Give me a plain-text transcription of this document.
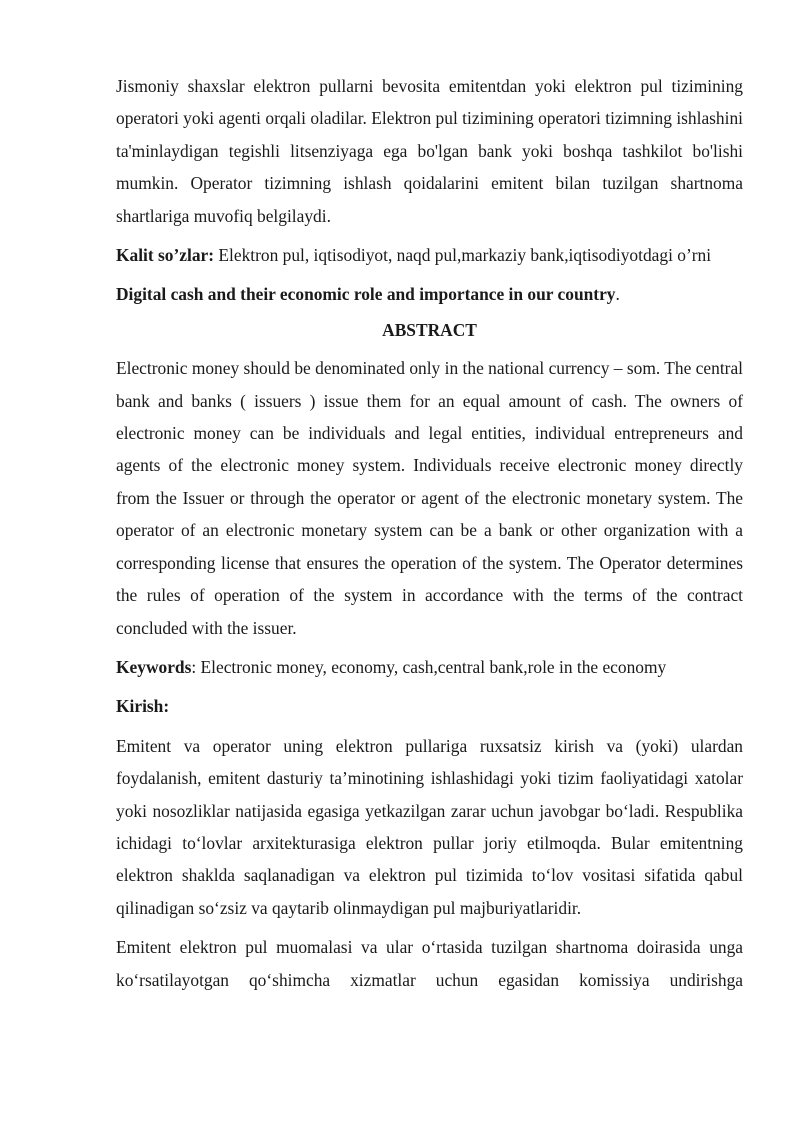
Jismoniy shaxslar elektron pullarni bevosita emitentdan yoki elektron pul tizimining operatori yoki agenti orqali oladilar. Elektron pul tizimining operatori tizimning ishlashini ta'minlaydigan tegishli litsenziyaga ega bo'lgan bank yoki boshqa tashkilot bo'lishi mumkin. Operator tizimning ishlash qoidalarini emitent bilan tuzilgan shartnoma shartlariga muvofiq belgilaydi.

Kalit so’zlar: Elektron pul, iqtisodiyot, naqd pul,markaziy bank,iqtisodiyotdagi o’rni

Digital cash and their economic role and importance in our country.

ABSTRACT

Electronic money should be denominated only in the national currency – som. The central bank and banks ( issuers ) issue them for an equal amount of cash. The owners of electronic money can be individuals and legal entities, individual entrepreneurs and agents of the electronic money system. Individuals receive electronic money directly from the Issuer or through the operator or agent of the electronic monetary system. The operator of an electronic monetary system can be a bank or other organization with a corresponding license that ensures the operation of the system. The Operator determines the rules of operation of the system in accordance with the terms of the contract concluded with the issuer.

Keywords: Electronic money, economy, cash,central bank,role in the economy

Kirish:

Emitent va operator uning elektron pullariga ruxsatsiz kirish va (yoki) ulardan foydalanish, emitent dasturiy ta’minotining ishlashidagi yoki tizim faoliyatidagi xatolar yoki nosozliklar natijasida egasiga yetkazilgan zarar uchun javobgar bo‘ladi. Respublika ichidagi to‘lovlar arxitekturasiga elektron pullar joriy etilmoqda. Bular emitentning elektron shaklda saqlanadigan va elektron pul tizimida to‘lov vositasi sifatida qabul qilinadigan so‘zsiz va qaytarib olinmaydigan pul majburiyatlaridir.

Emitent elektron pul muomalasi va ular o‘rtasida tuzilgan shartnoma doirasida unga ko‘rsatilayotgan qo‘shimcha xizmatlar uchun egasidan komissiya undirishga
